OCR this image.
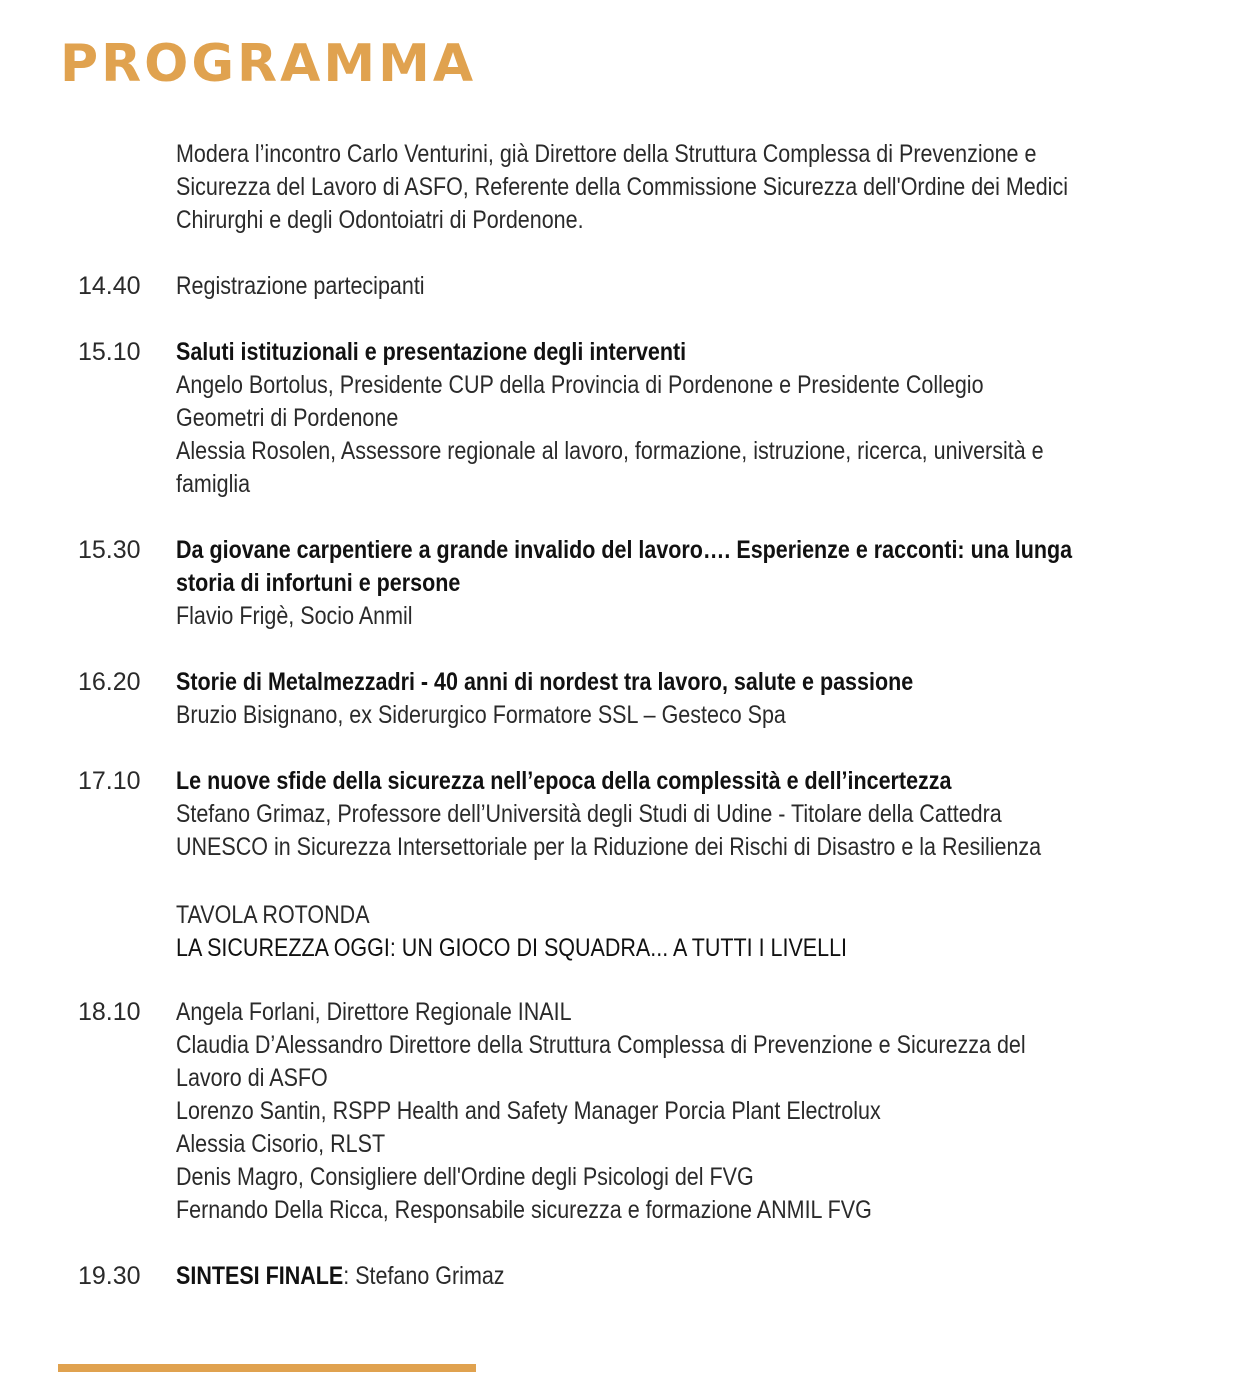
PROGRAMMA
Modera l’incontro Carlo Venturini, già Direttore della Struttura Complessa di Prevenzione e
Sicurezza del Lavoro di ASFO, Referente della Commissione Sicurezza dell'Ordine dei Medici
Chirurghi e degli Odontoiatri di Pordenone.
14.40	Registrazione partecipanti
15.10	Saluti istituzionali e presentazione degli interventi
Angelo Bortolus, Presidente CUP della Provincia di Pordenone e Presidente Collegio
Geometri di Pordenone
Alessia Rosolen, Assessore regionale al lavoro, formazione, istruzione, ricerca, università e
famiglia
15.30	Da giovane carpentiere a grande invalido del lavoro…. Esperienze e racconti: una lunga
storia di infortuni e persone
Flavio Frigè, Socio Anmil
16.20	Storie di Metalmezzadri - 40 anni di nordest tra lavoro, salute e passione
Bruzio Bisignano, ex Siderurgico Formatore SSL – Gesteco Spa
17.10	Le nuove sfide della sicurezza nell’epoca della complessità e dell’incertezza
Stefano Grimaz, Professore dell’Università degli Studi di Udine - Titolare della Cattedra
UNESCO in Sicurezza Intersettoriale per la Riduzione dei Rischi di Disastro e la Resilienza
TAVOLA ROTONDA
LA SICUREZZA OGGI: UN GIOCO DI SQUADRA... A TUTTI I LIVELLI
18.10	Angela Forlani, Direttore Regionale INAIL
Claudia D’Alessandro Direttore della Struttura Complessa di Prevenzione e Sicurezza del
Lavoro di ASFO
Lorenzo Santin, RSPP Health and Safety Manager Porcia Plant Electrolux
Alessia Cisorio, RLST
Denis Magro, Consigliere dell'Ordine degli Psicologi del FVG
Fernando Della Ricca, Responsabile sicurezza e formazione ANMIL FVG
19.30	SINTESI FINALE: Stefano Grimaz
